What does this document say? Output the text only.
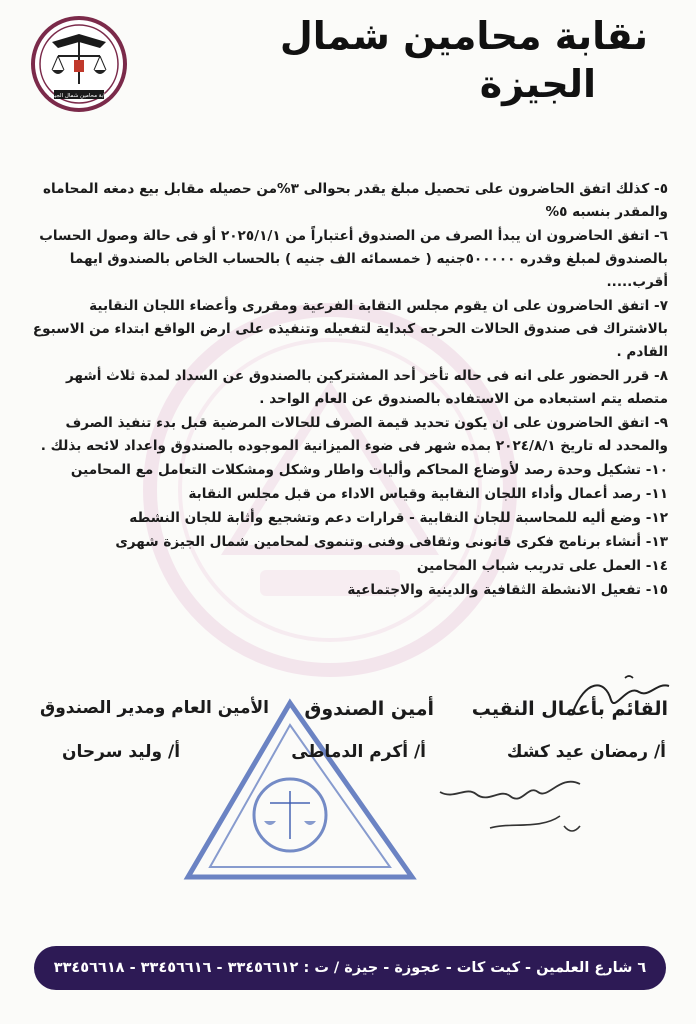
نقابة محامين شمال
الجيزة
نقابة محامين شمال الجيزة
٥- كذلك اتفق الحاضرون على تحصيل مبلغ يقدر بحوالى ٣%من حصيله مقابل بيع دمغه المحاماه والمقدر بنسبه ٥%
٦- اتفق الحاضرون ان يبدأ الصرف من الصندوق أعتباراً من ٢٠٢٥/١/١ أو فى حالة وصول الحساب بالصندوق لمبلغ وقدره ٥٠٠٠٠٠جنيه ( خمسمائه الف جنيه ) بالحساب الخاص بالصندوق ايهما أقرب.....
٧- اتفق الحاضرون على ان يقوم مجلس النقابة الفرعية ومقررى وأعضاء اللجان النقابية بالاشتراك فى صندوق الحالات الحرجه كبداية لتفعيله وتنفيذه على ارض الواقع ابتداء من الاسبوع القادم .
٨- قرر الحضور على انه فى حاله تأخر أحد المشتركين بالصندوق عن السداد لمدة ثلاث أشهر متصله يتم استبعاده من الاستفاده بالصندوق عن العام الواحد .
٩- اتفق الحاضرون على ان يكون تحديد قيمة الصرف للحالات المرضية قبل بدء تنفيذ الصرف والمحدد له تاريخ ٢٠٢٤/٨/١ بمده شهر فى ضوء الميزانية الموجوده بالصندوق واعداد لائحه بذلك .
١٠- تشكيل وحدة رصد لأوضاع المحاكم وأليات واطار وشكل ومشكلات التعامل مع المحامين
١١- رصد أعمال وأداء اللجان النقابية وقياس الاداء من قبل مجلس النقابة
١٢- وضع أليه للمحاسبة للجان النقابية - قرارات دعم وتشجيع وأثابة للجان النشطه
١٣- أنشاء برنامج فكرى قانونى وثقافى وفنى وتنموى لمحامين شمال الجيزة شهرى
١٤- العمل على تدريب شباب المحامين
١٥- تفعيل الانشطة الثقافية والدينية والاجتماعية
القائم بأعمال النقيب
أ/ رمضان عيد كشك
أمين الصندوق
أ/ أكرم الدماطى
الأمين العام ومدير الصندوق
أ/ وليد سرحان
٦ شارع العلمين - كيت كات - عجوزة - جيزة / ت : ٣٣٤٥٦٦١٢ - ٣٣٤٥٦٦١٦ - ٣٣٤٥٦٦١٨
